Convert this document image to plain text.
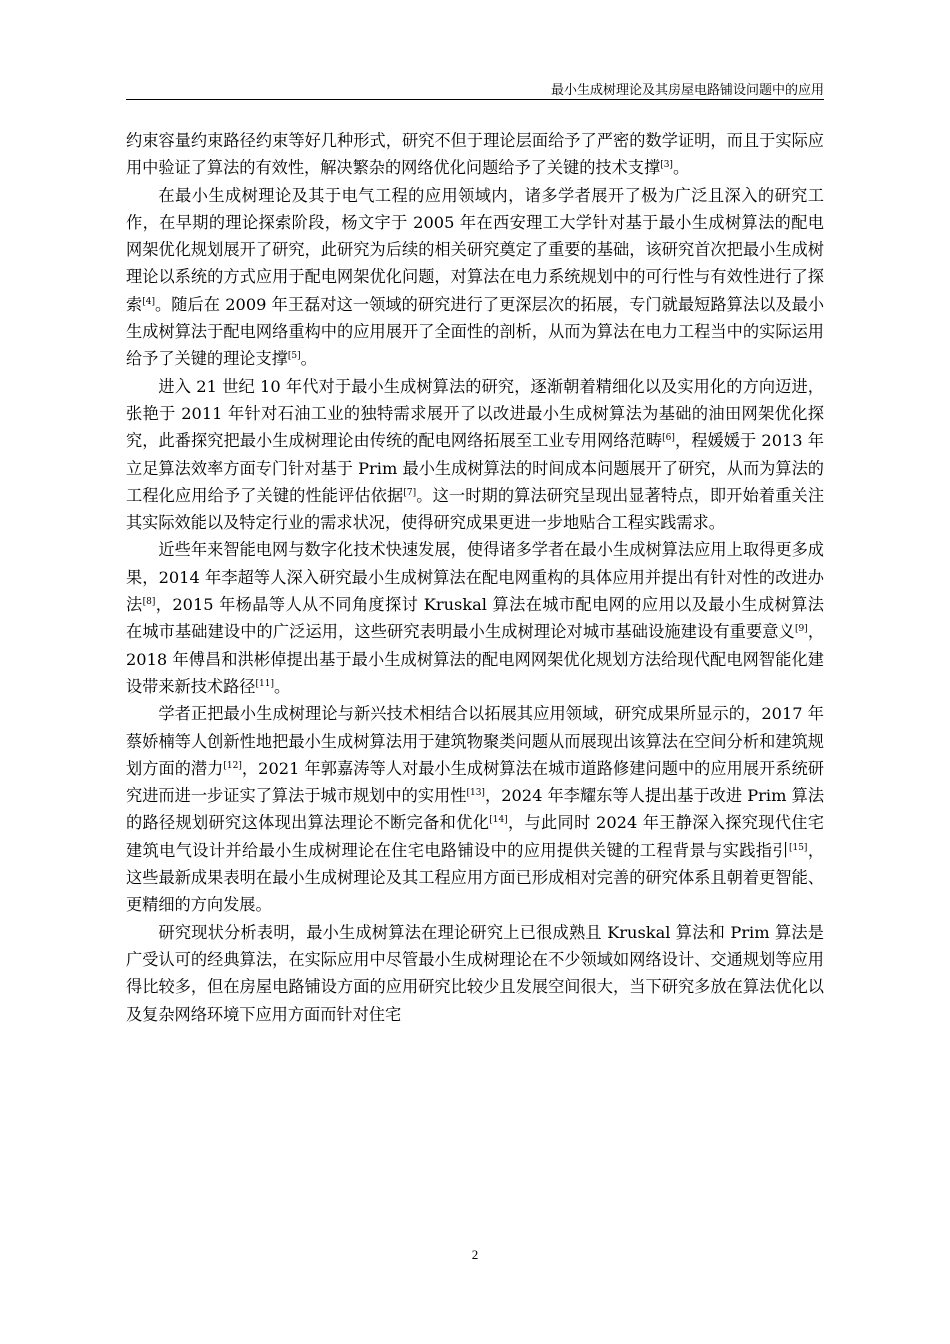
最小生成树理论及其房屋电路铺设问题中的应用

约束容量约束路径约束等好几种形式，研究不但于理论层面给予了严密的数学证明，而且于实际应用中验证了算法的有效性，解决繁杂的网络优化问题给予了关键的技术支撑[3]。

在最小生成树理论及其于电气工程的应用领域内，诸多学者展开了极为广泛且深入的研究工作，在早期的理论探索阶段，杨文宇于 2005 年在西安理工大学针对基于最小生成树算法的配电网架优化规划展开了研究，此研究为后续的相关研究奠定了重要的基础，该研究首次把最小生成树理论以系统的方式应用于配电网架优化问题，对算法在电力系统规划中的可行性与有效性进行了探索[4]。随后在 2009 年王磊对这一领域的研究进行了更深层次的拓展，专门就最短路算法以及最小生成树算法于配电网络重构中的应用展开了全面性的剖析，从而为算法在电力工程当中的实际运用给予了关键的理论支撑[5]。

进入 21 世纪 10 年代对于最小生成树算法的研究，逐渐朝着精细化以及实用化的方向迈进，张艳于 2011 年针对石油工业的独特需求展开了以改进最小生成树算法为基础的油田网架优化探究，此番探究把最小生成树理论由传统的配电网络拓展至工业专用网络范畴[6]，程媛媛于 2013 年立足算法效率方面专门针对基于 Prim 最小生成树算法的时间成本问题展开了研究，从而为算法的工程化应用给予了关键的性能评估依据[7]。这一时期的算法研究呈现出显著特点，即开始着重关注其实际效能以及特定行业的需求状况，使得研究成果更进一步地贴合工程实践需求。

近些年来智能电网与数字化技术快速发展，使得诸多学者在最小生成树算法应用上取得更多成果，2014 年李超等人深入研究最小生成树算法在配电网重构的具体应用并提出有针对性的改进办法[8]，2015 年杨晶等人从不同角度探讨 Kruskal 算法在城市配电网的应用以及最小生成树算法在城市基础建设中的广泛运用，这些研究表明最小生成树理论对城市基础设施建设有重要意义[9]，2018 年傅昌和洪彬倬提出基于最小生成树算法的配电网网架优化规划方法给现代配电网智能化建设带来新技术路径[11]。

学者正把最小生成树理论与新兴技术相结合以拓展其应用领域，研究成果所显示的，2017 年蔡娇楠等人创新性地把最小生成树算法用于建筑物聚类问题从而展现出该算法在空间分析和建筑规划方面的潜力[12]，2021 年郭嘉涛等人对最小生成树算法在城市道路修建问题中的应用展开系统研究进而进一步证实了算法于城市规划中的实用性[13]，2024 年李耀东等人提出基于改进 Prim 算法的路径规划研究这体现出算法理论不断完备和优化[14]，与此同时 2024 年王静深入探究现代住宅建筑电气设计并给最小生成树理论在住宅电路铺设中的应用提供关键的工程背景与实践指引[15]，这些最新成果表明在最小生成树理论及其工程应用方面已形成相对完善的研究体系且朝着更智能、更精细的方向发展。

研究现状分析表明，最小生成树算法在理论研究上已很成熟且 Kruskal 算法和 Prim 算法是广受认可的经典算法，在实际应用中尽管最小生成树理论在不少领域如网络设计、交通规划等应用得比较多，但在房屋电路铺设方面的应用研究比较少且发展空间很大，当下研究多放在算法优化以及复杂网络环境下应用方面而针对住宅

2
